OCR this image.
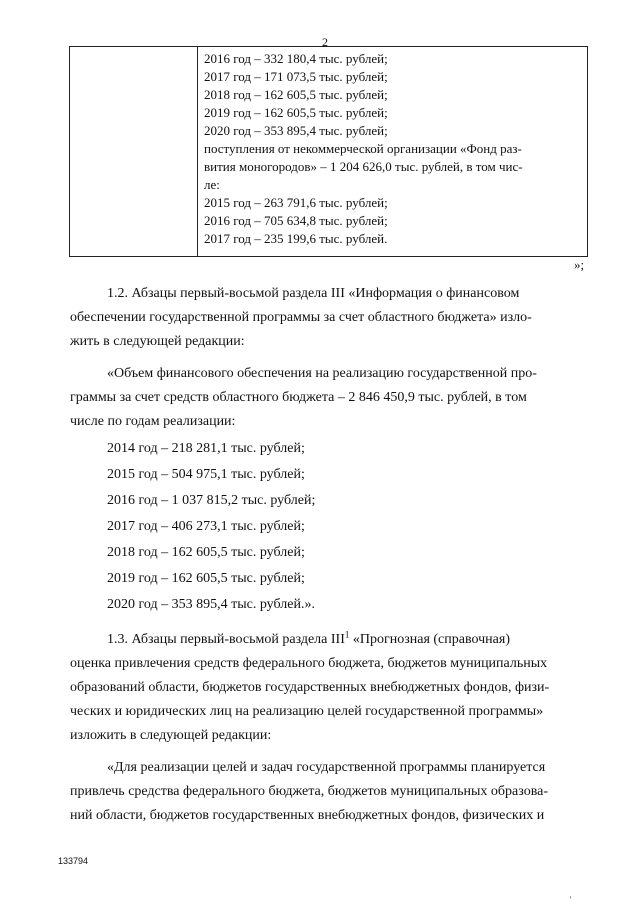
2
2016 год – 332 180,4 тыс. рублей;
2017 год – 171 073,5 тыс. рублей;
2018 год – 162 605,5 тыс. рублей;
2019 год – 162 605,5 тыс. рублей;
2020 год – 353 895,4 тыс. рублей;
поступления от некоммерческой организации «Фонд раз-
вития моногородов» – 1 204 626,0 тыс. рублей, в том чис-
ле:
2015 год – 263 791,6 тыс. рублей;
2016 год – 705 634,8 тыс. рублей;
2017 год – 235 199,6 тыс. рублей.
»;
1.2. Абзацы первый-восьмой раздела III «Информация о финансовом
обеспечении государственной программы за счет областного бюджета» изло-
жить в следующей редакции:
«Объем финансового обеспечения на реализацию государственной про-
граммы за счет средств областного бюджета – 2 846 450,9 тыс. рублей, в том
числе по годам реализации:
2014 год – 218 281,1 тыс. рублей;
2015 год – 504 975,1 тыс. рублей;
2016 год – 1 037 815,2 тыс. рублей;
2017 год – 406 273,1 тыс. рублей;
2018 год – 162 605,5 тыс. рублей;
2019 год – 162 605,5 тыс. рублей;
2020 год – 353 895,4 тыс. рублей.».
1.3. Абзацы первый-восьмой раздела III$^1$ «Прогнозная (справочная)
оценка привлечения средств федерального бюджета, бюджетов муниципальных
образований области, бюджетов государственных внебюджетных фондов, физи-
ческих и юридических лиц на реализацию целей государственной программы»
изложить в следующей редакции:
«Для реализации целей и задач государственной программы планируется
привлечь средства федерального бюджета, бюджетов муниципальных образова-
ний области, бюджетов государственных внебюджетных фондов, физических и
133794
'
